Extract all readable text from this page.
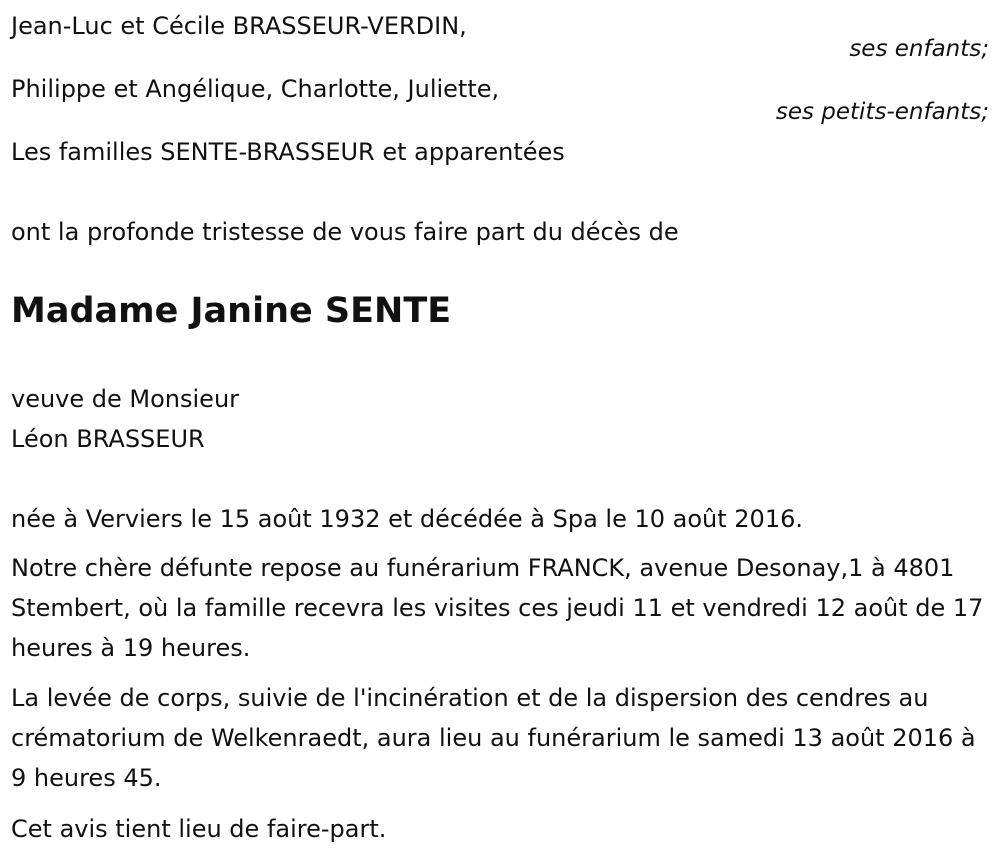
Jean-Luc et Cécile BRASSEUR-VERDIN,
ses enfants;
Philippe et Angélique, Charlotte, Juliette,
ses petits-enfants;
Les familles SENTE-BRASSEUR et apparentées
ont la profonde tristesse de vous faire part du décès de
Madame Janine SENTE
veuve de Monsieur
Léon BRASSEUR
née à Verviers le 15 août 1932 et décédée à Spa le 10 août 2016.
Notre chère défunte repose au funérarium FRANCK, avenue Desonay,1 à 4801 Stembert, où la famille recevra les visites ces jeudi 11 et vendredi 12 août de 17 heures à 19 heures.
La levée de corps, suivie de l'incinération et de la dispersion des cendres au crématorium de Welkenraedt, aura lieu au funérarium le samedi 13 août 2016 à 9 heures 45.
Cet avis tient lieu de faire-part.
